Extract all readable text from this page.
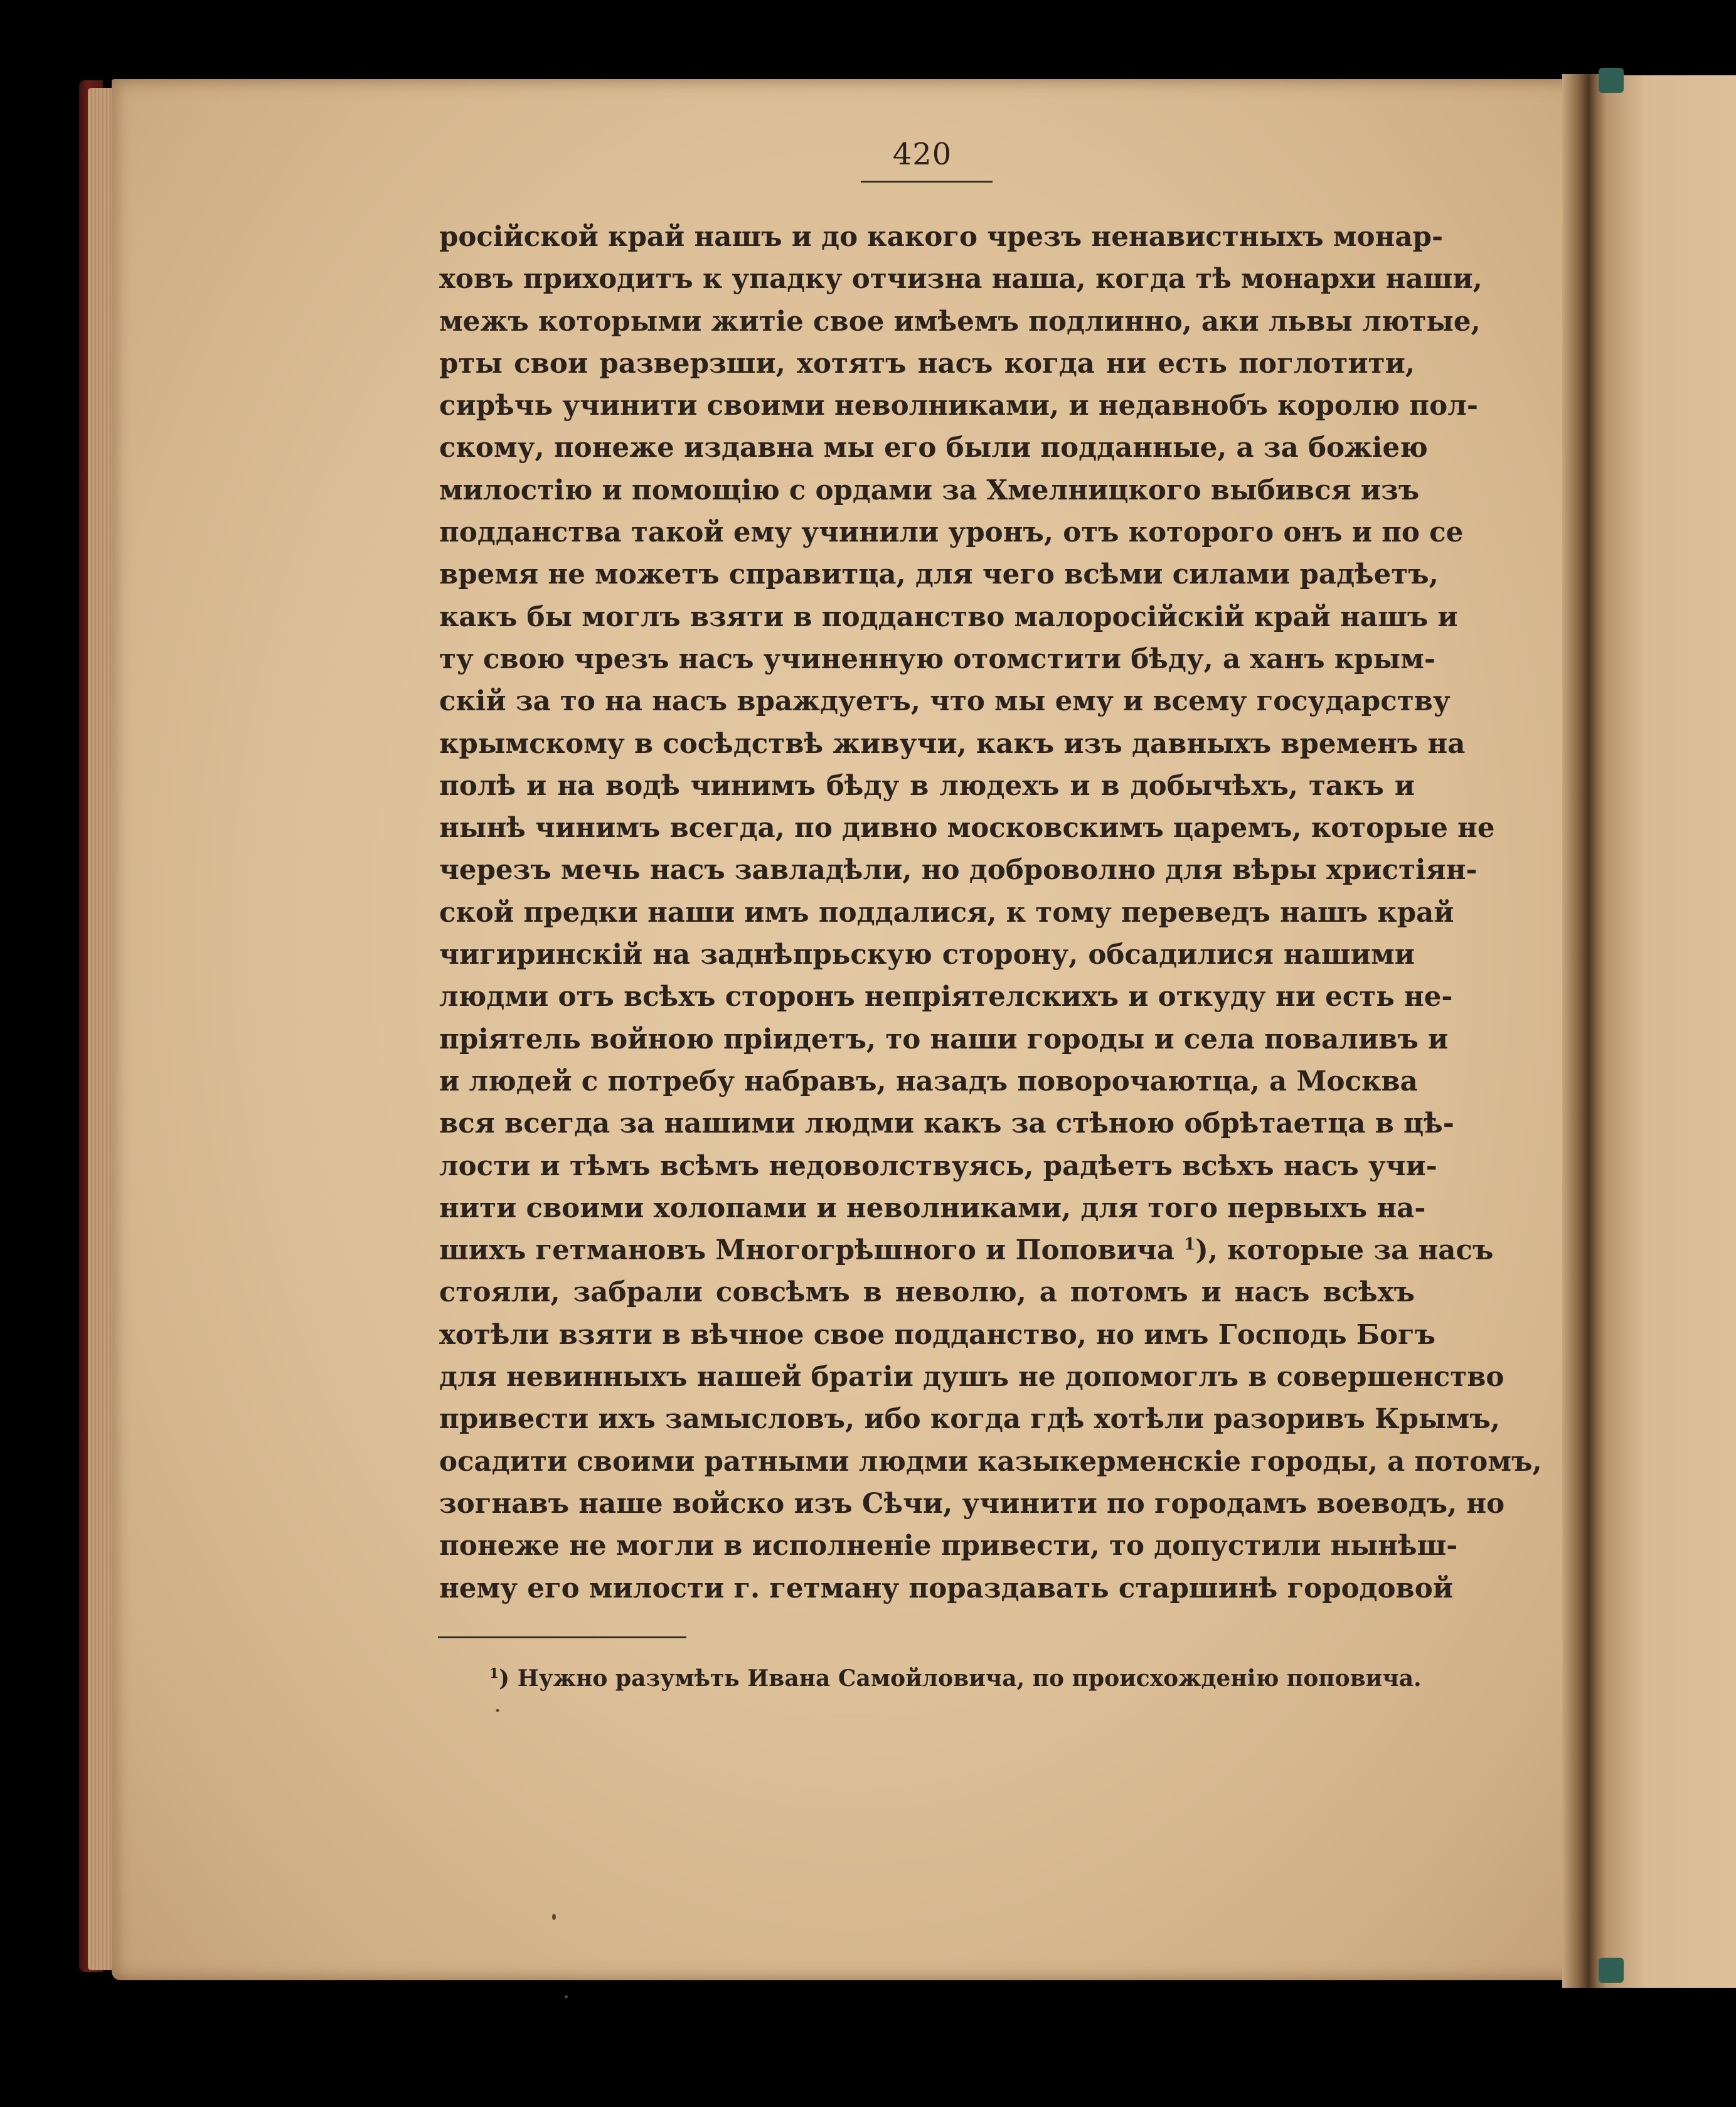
420
росiйской край нашъ и до какого чрезъ ненавистныхъ монар-
ховъ приходитъ к упадку отчизна наша, когда тѣ монархи наши,
межъ которыми житiе свое имѣемъ подлинно, аки львы лютые,
рты свои разверзши, хотятъ насъ когда ни есть поглотити,
сирѣчь учинити своими неволниками, и недавнобъ королю пол-
скому, понеже издавна мы его были подданные, а за божiею
милостiю и помощiю с ордами за Хмелницкого выбився изъ
подданства такой ему учинили уронъ, отъ которого онъ и по се
время не можетъ справитца, для чего всѣми силами радѣетъ,
какъ бы моглъ взяти в подданство малоросiйскiй край нашъ и
ту свою чрезъ насъ учиненную отомстити бѣду, а ханъ крым-
скiй за то на насъ враждуетъ, что мы ему и всему государству
крымскому в сосѣдствѣ живучи, какъ изъ давныхъ временъ на
полѣ и на водѣ чинимъ бѣду в людехъ и в добычѣхъ, такъ и
нынѣ чинимъ всегда, по дивно московскимъ царемъ, которые не
черезъ мечь насъ завладѣли, но доброволно для вѣры христiян-
ской предки наши имъ поддалися, к тому переведъ нашъ край
чигиринскiй на заднѣпрьскую сторону, обсадилися нашими
людми отъ всѣхъ сторонъ непрiятелскихъ и откуду ни есть не-
прiятель войною прiидетъ, то наши городы и села поваливъ и
и людей с потребу набравъ, назадъ поворочаютца, а Москва
вся всегда за нашими людми какъ за стѣною обрѣтаетца в цѣ-
лости и тѣмъ всѣмъ недоволствуясь, радѣетъ всѣхъ насъ учи-
нити своими холопами и неволниками, для того первыхъ на-
шихъ гетмановъ Многогрѣшного и Поповича $^1$), которые за насъ
стояли, забрали совсѣмъ в неволю, а потомъ и насъ всѣхъ
хотѣли взяти в вѣчное свое подданство, но имъ Господь Богъ
для невинныхъ нашей братiи душъ не допомоглъ в совершенство
привести ихъ замысловъ, ибо когда гдѣ хотѣли разоривъ Крымъ,
осадити своими ратными людми казыкерменскiе городы, а потомъ,
зогнавъ наше войско изъ Сѣчи, учинити по городамъ воеводъ, но
понеже не могли в исполненiе привести, то допустили нынѣш-
нему его милости г. гетману пораздавать старшинѣ городовой
$^1$) Нужно разумѣть Ивана Самойловича, по происхожденiю поповича.
